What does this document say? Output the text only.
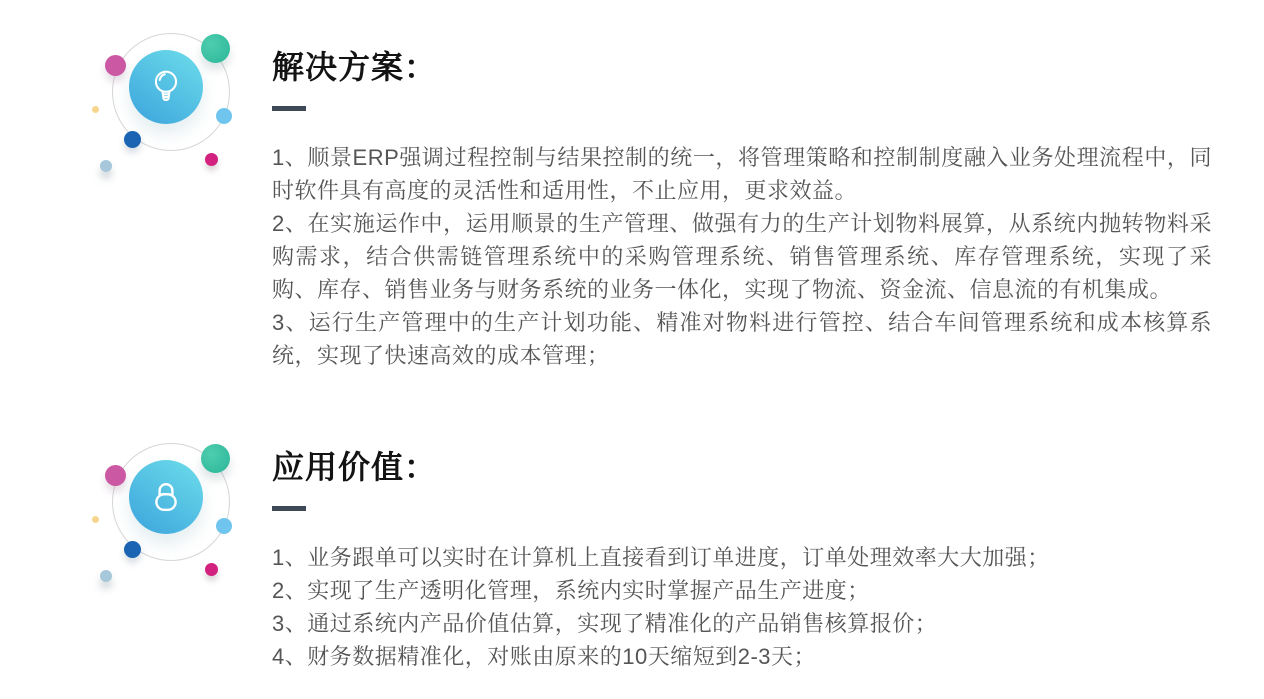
解决方案：

1、顺景ERP强调过程控制与结果控制的统一，将管理策略和控制制度融入业务处理流程中，同时软件具有高度的灵活性和适用性，不止应用，更求效益。

2、在实施运作中，运用顺景的生产管理、做强有力的生产计划物料展算，从系统内抛转物料采购需求，结合供需链管理系统中的采购管理系统、销售管理系统、库存管理系统，实现了采购、库存、销售业务与财务系统的业务一体化，实现了物流、资金流、信息流的有机集成。

3、运行生产管理中的生产计划功能、精准对物料进行管控、结合车间管理系统和成本核算系统，实现了快速高效的成本管理；

应用价值：

1、业务跟单可以实时在计算机上直接看到订单进度，订单处理效率大大加强；

2、实现了生产透明化管理，系统内实时掌握产品生产进度；

3、通过系统内产品价值估算，实现了精准化的产品销售核算报价；

4、财务数据精准化，对账由原来的10天缩短到2-3天；
